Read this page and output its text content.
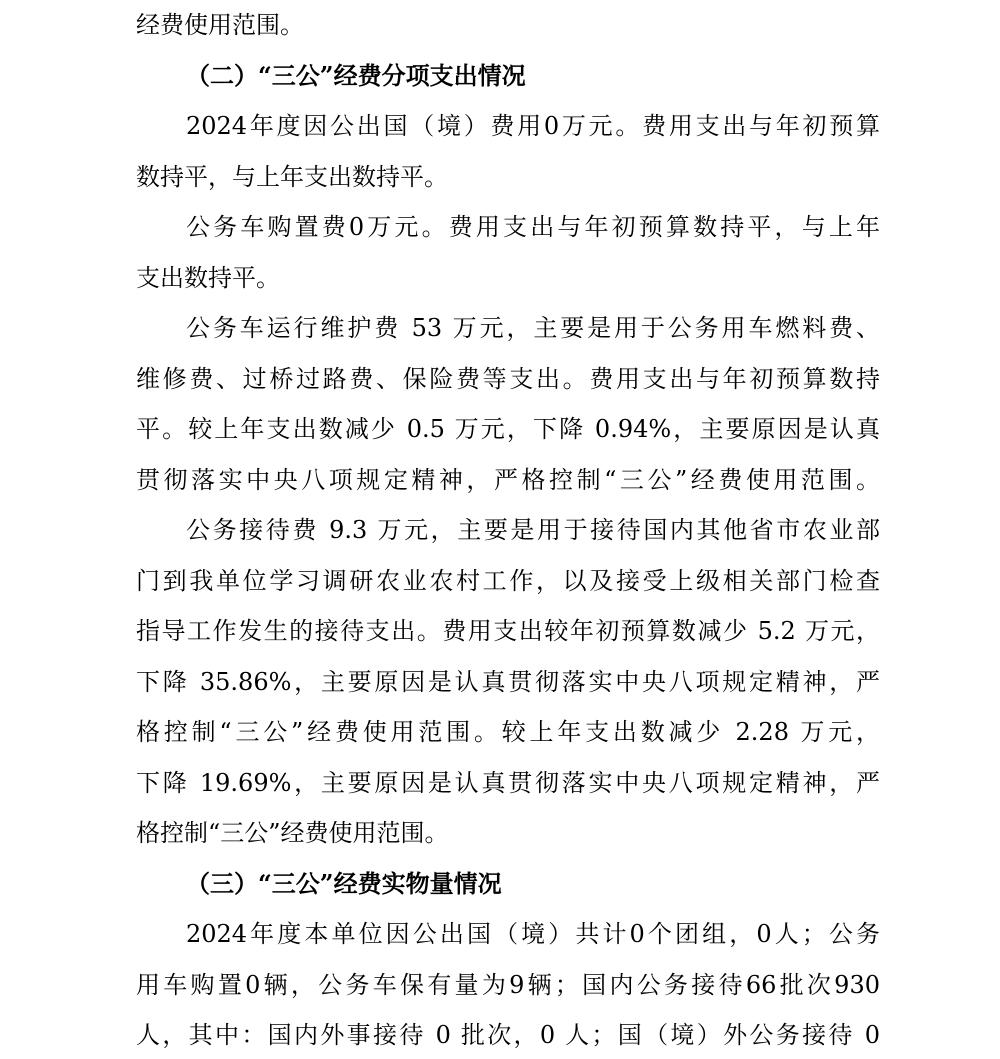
经费使用范围。
（二）“三公”经费分项支出情况
2024年度因公出国（境）费用0万元。费用支出与年初预算
数持平，与上年支出数持平。
公务车购置费0万元。费用支出与年初预算数持平，与上年
支出数持平。
公务车运行维护费 53 万元，主要是用于公务用车燃料费、
维修费、过桥过路费、保险费等支出。费用支出与年初预算数持
平。较上年支出数减少 0.5 万元，下降 0.94%，主要原因是认真
贯彻落实中央八项规定精神，严格控制“三公”经费使用范围。
公务接待费 9.3 万元，主要是用于接待国内其他省市农业部
门到我单位学习调研农业农村工作，以及接受上级相关部门检查
指导工作发生的接待支出。费用支出较年初预算数减少 5.2 万元，
下降 35.86%，主要原因是认真贯彻落实中央八项规定精神，严
格控制“三公”经费使用范围。较上年支出数减少 2.28 万元，
下降 19.69%，主要原因是认真贯彻落实中央八项规定精神，严
格控制“三公”经费使用范围。
（三）“三公”经费实物量情况
2024年度本单位因公出国（境）共计0个团组，0人；公务
用车购置0辆，公务车保有量为9辆；国内公务接待66批次930
人，其中：国内外事接待 0 批次，0 人；国（境）外公务接待 0
